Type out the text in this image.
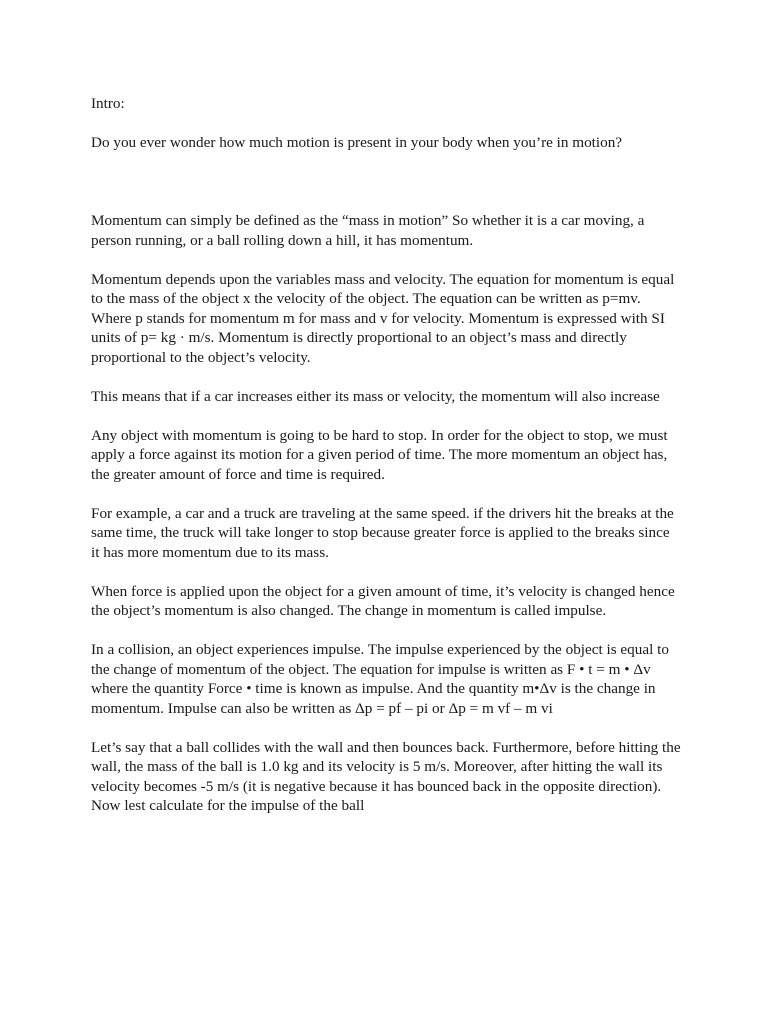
Intro:

Do you ever wonder how much motion is present in your body when you’re in motion?

Momentum can simply be defined as the “mass in motion” So whether it is a car moving, a person running, or a ball rolling down a hill, it has momentum.

Momentum depends upon the variables mass and velocity. The equation for momentum is equal to the mass of the object x the velocity of the object. The equation can be written as p=mv. Where p stands for momentum m for mass and v for velocity. Momentum is expressed with SI units of p= kg · m/s. Momentum is directly proportional to an object’s mass and directly proportional to the object’s velocity.

This means that if a car increases either its mass or velocity, the momentum will also increase

Any object with momentum is going to be hard to stop. In order for the object to stop, we must apply a force against its motion for a given period of time. The more momentum an object has, the greater amount of force and time is required.

For example, a car and a truck are traveling at the same speed. if the drivers hit the breaks at the same time, the truck will take longer to stop because greater force is applied to the breaks since it has more momentum due to its mass.

When force is applied upon the object for a given amount of time, it’s velocity is changed hence the object’s momentum is also changed. The change in momentum is called impulse.

In a collision, an object experiences impulse. The impulse experienced by the object is equal to the change of momentum of the object. The equation for impulse is written as F • t = m • Δv where the quantity Force • time is known as impulse. And the quantity m•Δv is the change in momentum. Impulse can also be written as Δp = pf – pi or Δp = m vf – m vi

Let’s say that a ball collides with the wall and then bounces back. Furthermore, before hitting the wall, the mass of the ball is 1.0 kg and its velocity is 5 m/s. Moreover, after hitting the wall its velocity becomes -5 m/s (it is negative because it has bounced back in the opposite direction). Now lest calculate for the impulse of the ball
